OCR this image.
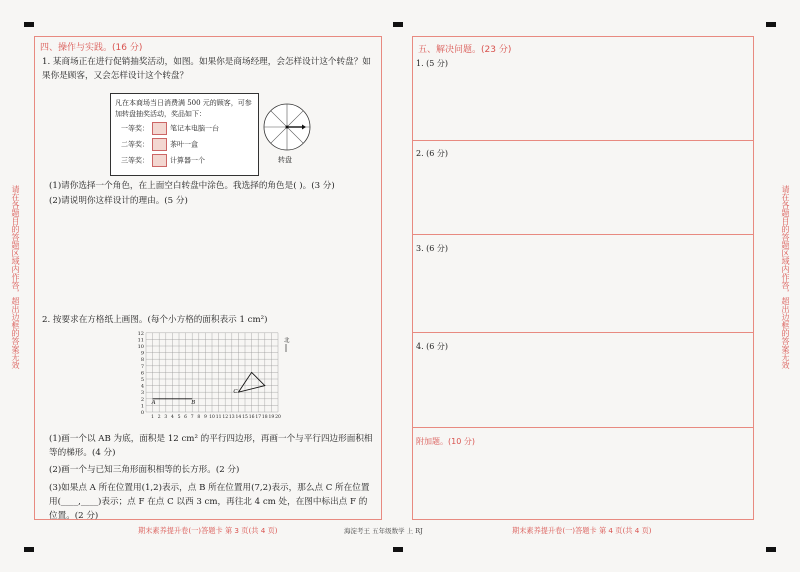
请在各题目的答题区域内作答，超出边框的答案无效	请在各题目的答题区域内作答，超出边框的答案无效
四、操作与实践。(16 分)
1. 某商场正在进行促销抽奖活动，如图。如果你是商场经理，会怎样设计这个转盘？如果你是顾客，又会怎样设计这个转盘？
凡在本商场当日消费满 500 元的顾客，可参加转盘抽奖活动，奖品如下：
一等奖：	笔记本电脑一台
二等奖：	茶叶一盒
三等奖：	计算器一个	转盘
(1)请你选择一个角色，在上面空白转盘中涂色。我选择的角色是( )。(3 分)
(2)请说明你这样设计的理由。(5 分)
2. 按要求在方格纸上画图。(每个小方格的面积表示 1 cm²)
12
11
10
9
8
7
6
5
4
3
2
1
0
1 2 3 4 5 6 7 8 9 10 11 12 13 14 15 16 17 18 19 20
A	B
C
北
(1)画一个以 AB 为底，面积是 12 cm² 的平行四边形，再画一个与平行四边形面积相等的梯形。(4 分)
(2)画一个与已知三角形面积相等的长方形。(2 分)
(3)如果点 A 所在位置用(1,2)表示，点 B 所在位置用(7,2)表示，那么点 C 所在位置用(____,____)表示；点 F 在点 C 以西 3 cm，再往北 4 cm 处，在图中标出点 F 的位置。(2 分)
期末素养提升卷(一)答题卡 第 3 页(共 4 页)	海淀考王 五年级数学 上 RJ
五、解决问题。(23 分)
1. (5 分)
2. (6 分)
3. (6 分)
4. (6 分)
附加题。(10 分)
期末素养提升卷(一)答题卡 第 4 页(共 4 页)
